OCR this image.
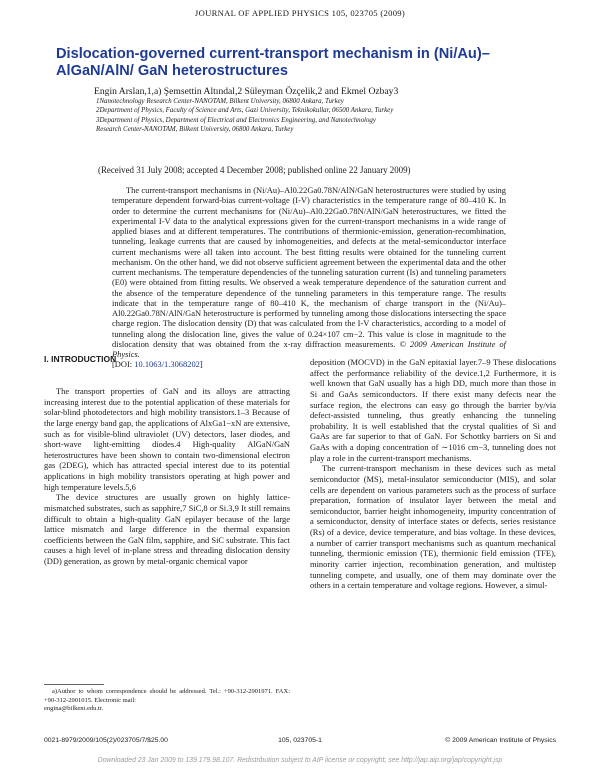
JOURNAL OF APPLIED PHYSICS 105, 023705 (2009)
Dislocation-governed current-transport mechanism in (Ni/Au)–AlGaN/AlN/ GaN heterostructures
Engin Arslan,1,a) Şemsettin Altındal,2 Süleyman Özçelik,2 and Ekmel Ozbay3
1Nanotechnology Research Center-NANOTAM, Bilkent University, 06800 Ankara, Turkey
2Department of Physics, Faculty of Science and Arts, Gazi University, Teknikokullar, 06500 Ankara, Turkey
3Department of Physics, Department of Electrical and Electronics Engineering, and Nanotechnology
Research Center-NANOTAM, Bilkent University, 06800 Ankara, Turkey
(Received 31 July 2008; accepted 4 December 2008; published online 22 January 2009)

The current-transport mechanisms in (Ni/Au)–Al0.22Ga0.78N/AlN/GaN heterostructures were studied by using temperature dependent forward-bias current-voltage (I-V) characteristics in the temperature range of 80–410 K. In order to determine the current mechanisms for (Ni/Au)–Al0.22Ga0.78N/AlN/GaN heterostructures, we fitted the experimental I-V data to the analytical expressions given for the current-transport mechanisms in a wide range of applied biases and at different temperatures. The contributions of thermionic-emission, generation-recombination, tunneling, leakage currents that are caused by inhomogeneities, and defects at the metal-semiconductor interface current mechanisms were all taken into account. The best fitting results were obtained for the tunneling current mechanism. On the other hand, we did not observe sufficient agreement between the experimental data and the other current mechanisms. The temperature dependencies of the tunneling saturation current (Is) and tunneling parameters (E0) were obtained from fitting results. We observed a weak temperature dependence of the saturation current and the absence of the temperature dependence of the tunneling parameters in this temperature range. The results indicate that in the temperature range of 80–410 K, the mechanism of charge transport in the (Ni/Au)–Al0.22Ga0.78N/AlN/GaN heterostructure is performed by tunneling among those dislocations intersecting the space charge region. The dislocation density (D) that was calculated from the I-V characteristics, according to a model of tunneling along the dislocation line, gives the value of 0.24×107 cm−2. This value is close in magnitude to the dislocation density that was obtained from the x-ray diffraction measurements. © 2009 American Institute of Physics.
[DOI: 10.1063/1.3068202]

I. INTRODUCTION

The transport properties of GaN and its alloys are attracting increasing interest due to the potential application of these materials for solar-blind photodetectors and high mobility transistors.1–3 Because of the large energy band gap, the applications of AlxGa1−xN are extensive, such as for visible-blind ultraviolet (UV) detectors, laser diodes, and short-wave light-emitting diodes.4 High-quality AlGaN/GaN heterostructures have been shown to contain two-dimensional electron gas (2DEG), which has attracted special interest due to its potential applications in high mobility transistors operating at high power and high temperature levels.5,6

The device structures are usually grown on highly lattice-mismatched substrates, such as sapphire,7 SiC,8 or Si.3,9 It still remains difficult to obtain a high-quality GaN epilayer because of the large lattice mismatch and large difference in the thermal expansion coefficients between the GaN film, sapphire, and SiC substrate. This fact causes a high level of in-plane stress and threading dislocation density (DD) generation, as grown by metal-organic chemical vapor

deposition (MOCVD) in the GaN epitaxial layer.7–9 These dislocations affect the performance reliability of the device.1,2 Furthermore, it is well known that GaN usually has a high DD, much more than those in Si and GaAs semiconductors. If there exist many defects near the surface region, the electrons can easy go through the barrier by/via defect-assisted tunneling, thus greatly enhancing the tunneling probability. It is well established that the crystal qualities of Si and GaAs are far superior to that of GaN. For Schottky barriers on Si and GaAs with a doping concentration of ∼1016 cm−3, tunneling does not play a role in the current-transport mechanisms.

The current-transport mechanism in these devices such as metal semiconductor (MS), metal-insulator semiconductor (MIS), and solar cells are dependent on various parameters such as the process of surface preparation, formation of insulator layer between the metal and semiconductor, barrier height inhomogeneity, impurity concentration of a semiconductor, density of interface states or defects, series resistance (Rs) of a device, device temperature, and bias voltage. In these devices, a number of carrier transport mechanisms such as quantum mechanical tunneling, thermionic emission (TE), thermionic field emission (TFE), minority carrier injection, recombination generation, and multistep tunneling compete, and usually, one of them may dominate over the others in a certain temperature and voltage regions. However, a simul-

a)Author to whom correspondence should be addressed. Tel.: +90-312-2901971. FAX: +90-312-2901015. Electronic mail:
engina@bilkent.edu.tr.
0021-8979/2009/105(2)/023705/7/$25.00	105, 023705-1	© 2009 American Institute of Physics
Downloaded 23 Jan 2009 to 139.179.98.107. Redistribution subject to AIP license or copyright; see http://jap.aip.org/jap/copyright.jsp
